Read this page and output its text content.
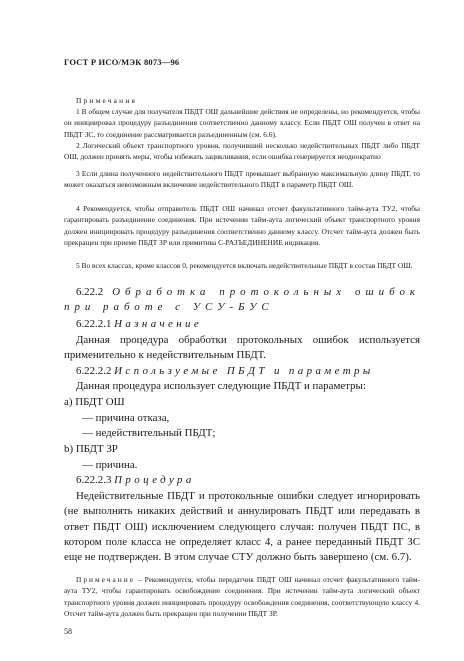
ГОСТ Р ИСО/МЭК 8073—96

Примечания

1 В общем случае для получателя ПБДТ ОШ дальнейшие действия не определены, но рекомендуется, чтобы он инициировал процедуру разъединения соответственно данному классу. Если ПБДТ ОШ получен в ответ на ПБДТ ЗС, то соединение рассматривается разъединенным (см. 6.6).

2 Логический объект транспортного уровня, получивший несколько недействительных ПБДТ либо ПБДТ ОШ, должен принять меры, чтобы избежать зацикливания, если ошибка генерируется неоднократно

3 Если длина полученного недействительного ПБДТ превышает выбранную максимальную длину ПБДТ, то может оказаться невозможным включение недействительного ПБДТ в параметр ПБДТ ОШ.

4 Рекомендуется, чтобы отправитель ПБДТ ОШ начинал отсчет факультативного тайм-аута ТУ2, чтобы гарантировать разъединение соединения. При истечении тайм-аута логический объект транспортного уровня должен инициировать процедуру разъединения соответственно данному классу. Отсчет тайм-аута должен быть прекращен при приеме ПБДТ ЗР или примитива С-РАЗЪЕДИНЕНИЕ индикация.

5 Во всех классах, кроме классов 0, рекомендуется включать недействительные ПБДТ в состав ПБДТ ОШ.

6.22.2 Обработка протокольных ошибок при работе с УСУ-БУС
6.22.2.1 Назначение

Данная процедура обработки протокольных ошибок используется применительно к недействительным ПБДТ.

6.22.2.2 Используемые ПБДТ и параметры

Данная процедура использует следующие ПБДТ и параметры:

a) ПБДТ ОШ
— причина отказа,
— недействительный ПБДТ;
b) ПБДТ ЗР
— причина.
6.22.2.3 Процедура

Недействительные ПБДТ и протокольные ошибки следует игнорировать (не выполнять никаких действий и аннулировать ПБДТ или передавать в ответ ПБДТ ОШ) исключением следующего случая: получен ПБДТ ПС, в котором поле класса не определяет класс 4, а ранее переданный ПБДТ ЗС еще не подтвержден. В этом случае СТУ должно быть завершено (см. 6.7).

Примечание – Рекомендуется, чтобы передатчик ПБДТ ОШ начинал отсчет факультативного тайм-аута ТУ2, чтобы гарантировать освобождение соединения. При истечении тайм-аута логический объект транспортного уровня должен инициировать процедуру освобождения соединения, соответствующую классу 4. Отсчет тайм-аута должен быть прекращен при получении ПБДТ ЗР.

58
